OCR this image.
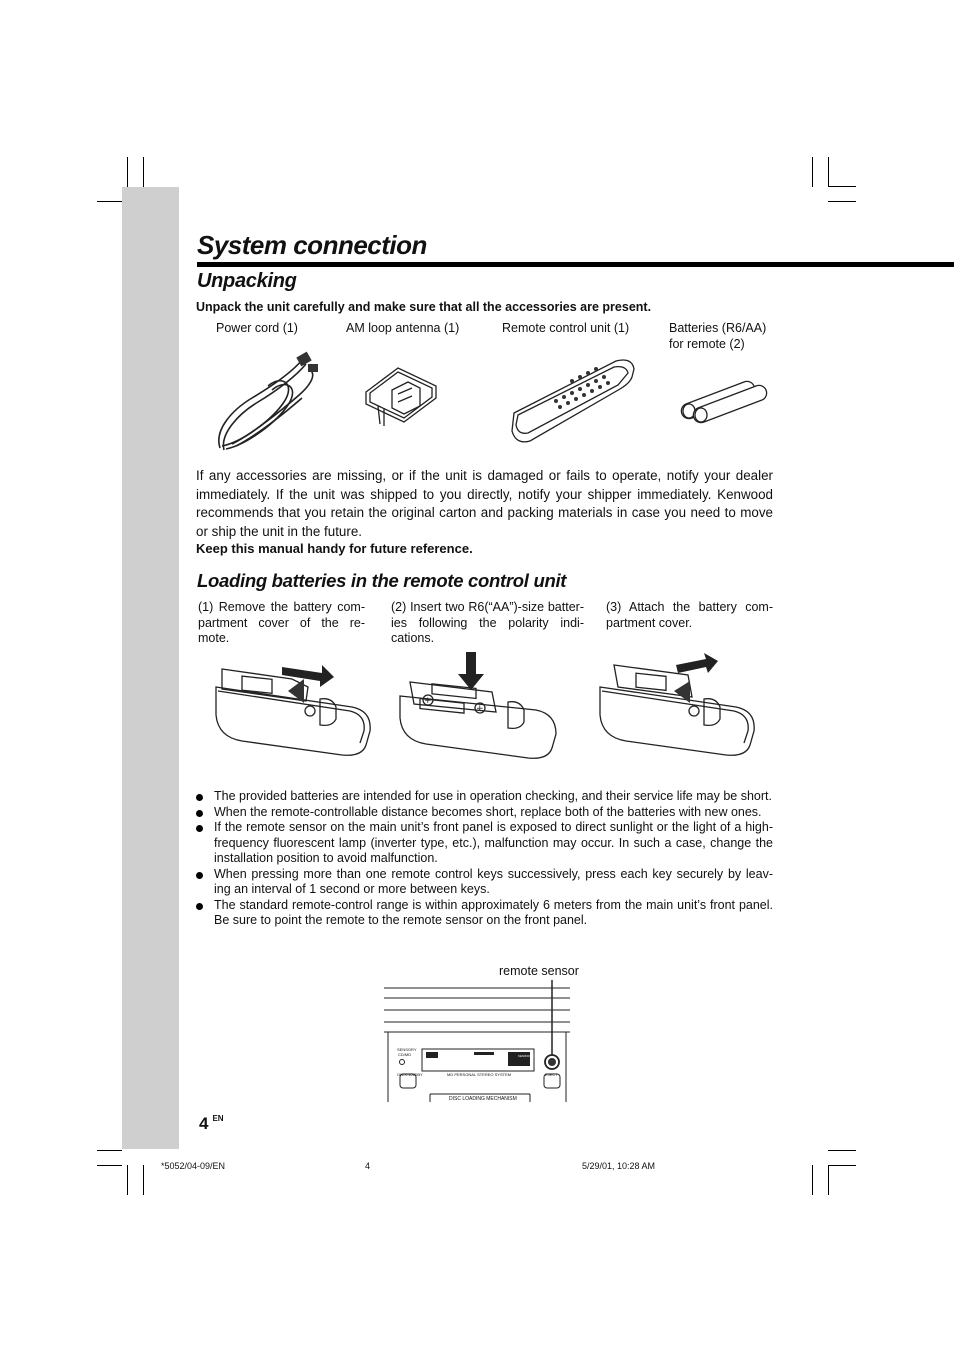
System connection
Unpacking
Unpack the unit carefully and make sure that all the accessories are present.
Power cord (1)	AM loop antenna (1)	Remote control unit (1)	Batteries (R6/AA)
for remote (2)
If any accessories are missing, or if the unit is damaged or fails to operate, notify your dealer immediately. If the unit was shipped to you directly, notify your shipper immediately. Kenwood recommends that you retain the original carton and packing materials in case you need to move or ship the unit in the future.
Keep this manual handy for future reference.
Loading batteries in the remote control unit
(1) Remove the battery com- partment cover of the re- mote.
(2) Insert two R6(“AA”)-size batter- ies following the polarity indi- cations.
(3) Attach the battery com- partment cover.
+
+
The provided batteries are intended for use in operation checking, and their service life may be short.
When the remote-controllable distance becomes short, replace both of the batteries with new ones.
If the remote sensor on the main unit’s front panel is exposed to direct sunlight or the light of a high-frequency fluorescent lamp (inverter type, etc.), malfunction may occur. In such a case, change the installation position to avoid malfunction.
When pressing more than one remote control keys successively, press each key securely by leav- ing an interval of 1 second or more between keys.
The standard remote-control range is within approximately 6 meters from the main unit’s front panel. Be sure to point the remote to the remote sensor on the front panel.
remote sensor
SENSORY
CD/MD
ON/STANDBY	MD PERSONAL STEREO SYSTEM	EJECT
DISC LOADING MECHANISM
KENWOOD
4 $^{EN}$
*5052/04-09/EN	4	5/29/01, 10:28 AM
